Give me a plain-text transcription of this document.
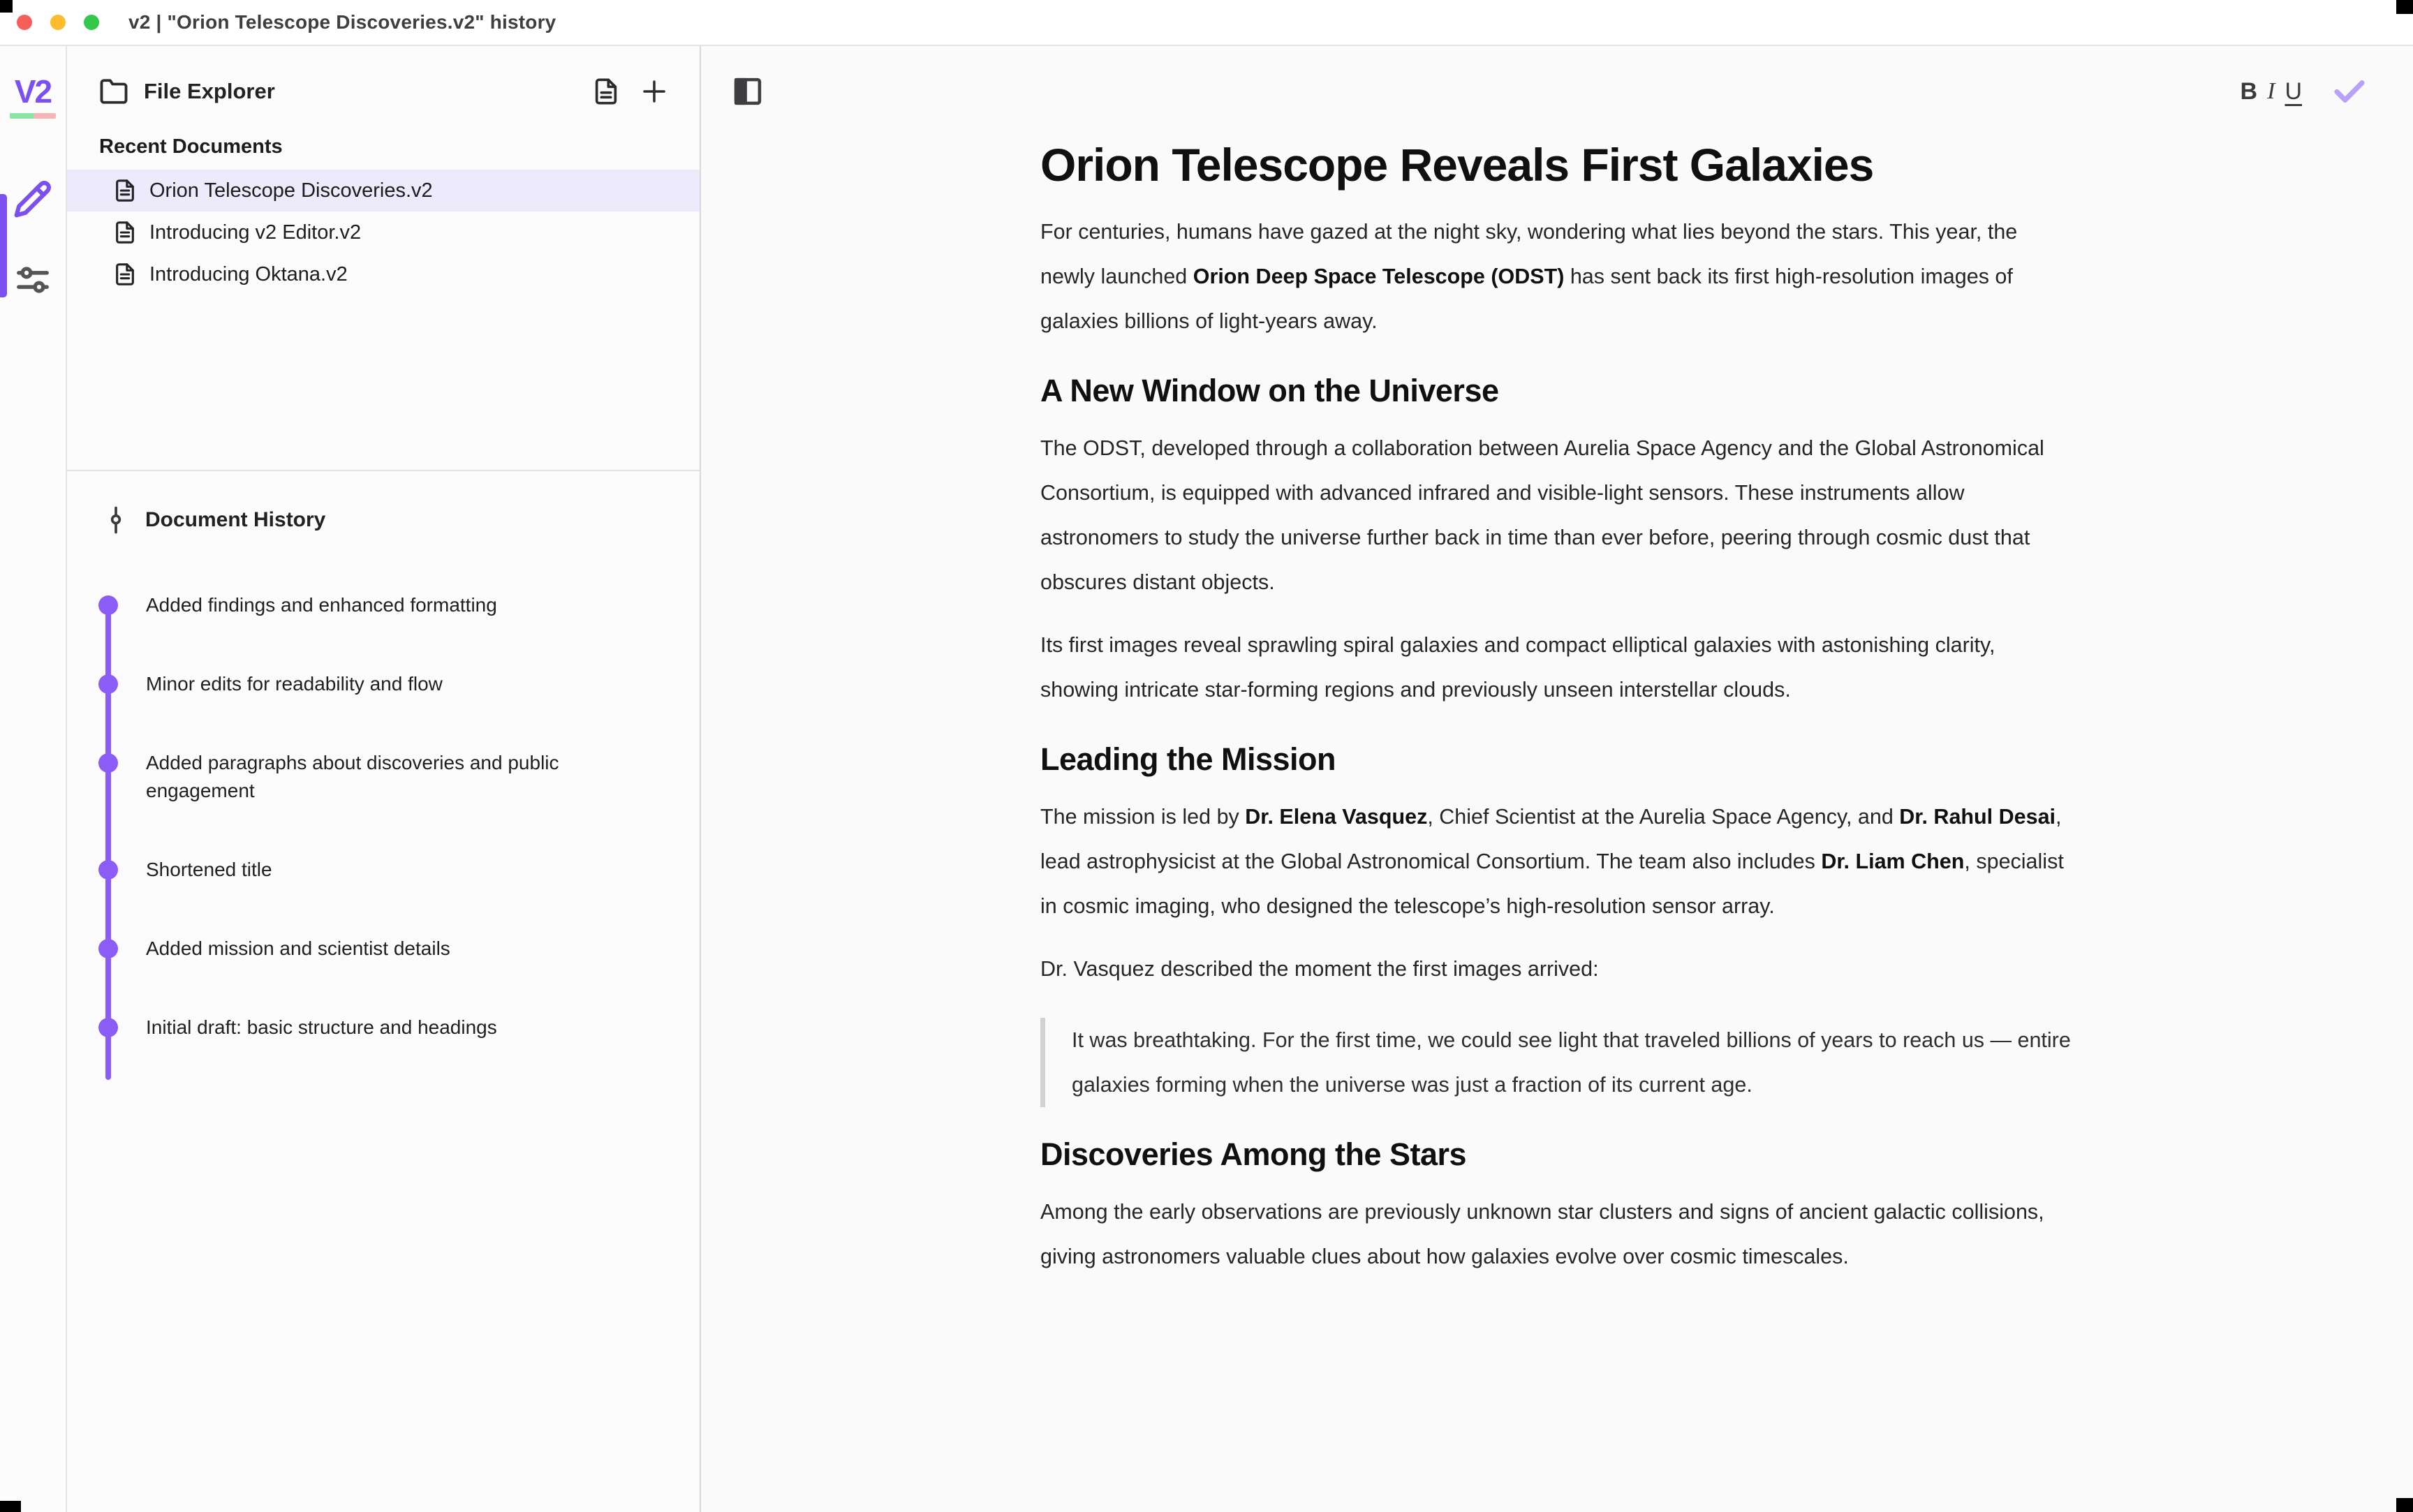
v2 | "Orion Telescope Discoveries.v2" history
V2	File Explorer
Recent Documents
Orion Telescope Discoveries.v2
Introducing v2 Editor.v2
Introducing Oktana.v2
Document History
Added findings and enhanced formatting
Minor edits for readability and flow
Added paragraphs about discoveries and public engagement
Shortened title
Added mission and scientist details
Initial draft: basic structure and headings
B I U
Orion Telescope Reveals First Galaxies

For centuries, humans have gazed at the night sky, wondering what lies beyond the stars. This year, the newly launched Orion Deep Space Telescope (ODST) has sent back its first high-resolution images of galaxies billions of light-years away.

A New Window on the Universe

The ODST, developed through a collaboration between Aurelia Space Agency and the Global Astronomical Consortium, is equipped with advanced infrared and visible-light sensors. These instruments allow astronomers to study the universe further back in time than ever before, peering through cosmic dust that obscures distant objects.

Its first images reveal sprawling spiral galaxies and compact elliptical galaxies with astonishing clarity, showing intricate star-forming regions and previously unseen interstellar clouds.

Leading the Mission

The mission is led by Dr. Elena Vasquez, Chief Scientist at the Aurelia Space Agency, and Dr. Rahul Desai, lead astrophysicist at the Global Astronomical Consortium. The team also includes Dr. Liam Chen, specialist in cosmic imaging, who designed the telescope’s high-resolution sensor array.

Dr. Vasquez described the moment the first images arrived:

It was breathtaking. For the first time, we could see light that traveled billions of years to reach us — entire galaxies forming when the universe was just a fraction of its current age.

Discoveries Among the Stars

Among the early observations are previously unknown star clusters and signs of ancient galactic collisions, giving astronomers valuable clues about how galaxies evolve over cosmic timescales.
